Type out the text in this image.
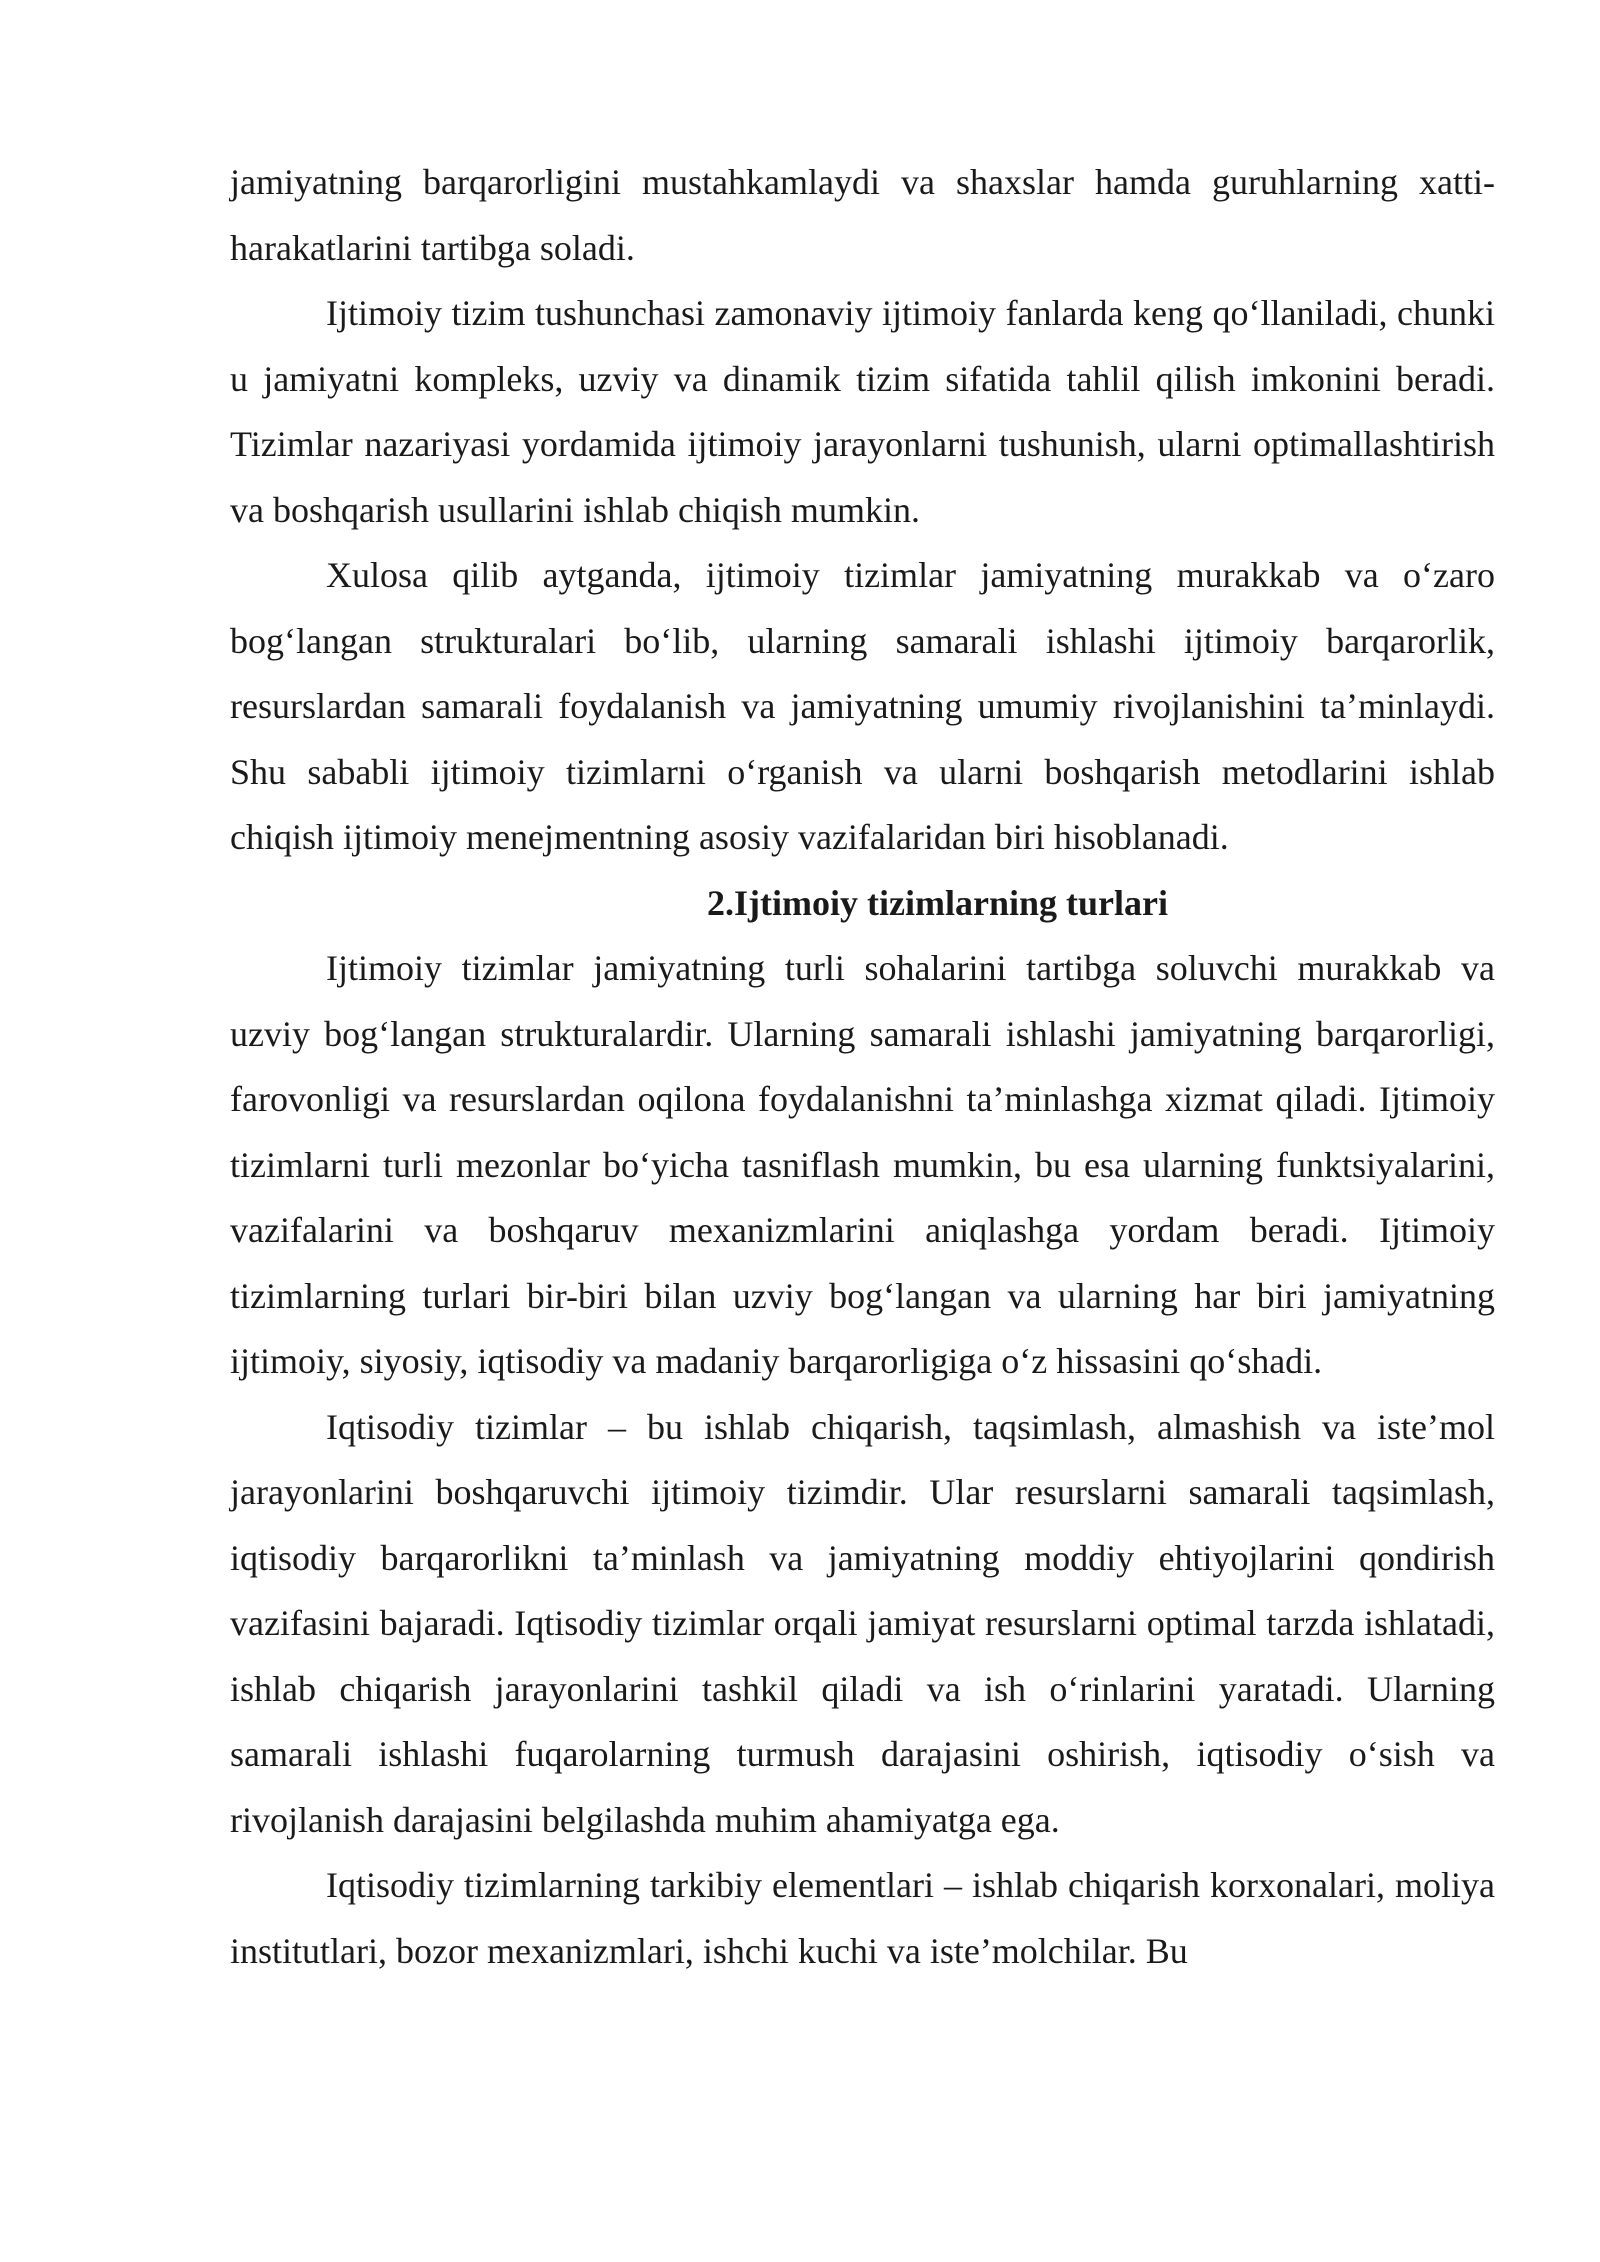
jamiyatning barqarorligini mustahkamlaydi va shaxslar hamda guruhlarning xatti-harakatlarini tartibga soladi.

Ijtimoiy tizim tushunchasi zamonaviy ijtimoiy fanlarda keng qo‘llaniladi, chunki u jamiyatni kompleks, uzviy va dinamik tizim sifatida tahlil qilish imkonini beradi. Tizimlar nazariyasi yordamida ijtimoiy jarayonlarni tushunish, ularni optimallashtirish va boshqarish usullarini ishlab chiqish mumkin.

Xulosa qilib aytganda, ijtimoiy tizimlar jamiyatning murakkab va o‘zaro bog‘langan strukturalari bo‘lib, ularning samarali ishlashi ijtimoiy barqarorlik, resurslardan samarali foydalanish va jamiyatning umumiy rivojlanishini ta’minlaydi. Shu sababli ijtimoiy tizimlarni o‘rganish va ularni boshqarish metodlarini ishlab chiqish ijtimoiy menejmentning asosiy vazifalaridan biri hisoblanadi.

2.Ijtimoiy tizimlarning turlari

Ijtimoiy tizimlar jamiyatning turli sohalarini tartibga soluvchi murakkab va uzviy bog‘langan strukturalardir. Ularning samarali ishlashi jamiyatning barqarorligi, farovonligi va resurslardan oqilona foydalanishni ta’minlashga xizmat qiladi. Ijtimoiy tizimlarni turli mezonlar bo‘yicha tasniflash mumkin, bu esa ularning funktsiyalarini, vazifalarini va boshqaruv mexanizmlarini aniqlashga yordam beradi. Ijtimoiy tizimlarning turlari bir-biri bilan uzviy bog‘langan va ularning har biri jamiyatning ijtimoiy, siyosiy, iqtisodiy va madaniy barqarorligiga o‘z hissasini qo‘shadi.

Iqtisodiy tizimlar – bu ishlab chiqarish, taqsimlash, almashish va iste’mol jarayonlarini boshqaruvchi ijtimoiy tizimdir. Ular resurslarni samarali taqsimlash, iqtisodiy barqarorlikni ta’minlash va jamiyatning moddiy ehtiyojlarini qondirish vazifasini bajaradi. Iqtisodiy tizimlar orqali jamiyat resurslarni optimal tarzda ishlatadi, ishlab chiqarish jarayonlarini tashkil qiladi va ish o‘rinlarini yaratadi. Ularning samarali ishlashi fuqarolarning turmush darajasini oshirish, iqtisodiy o‘sish va rivojlanish darajasini belgilashda muhim ahamiyatga ega.

Iqtisodiy tizimlarning tarkibiy elementlari – ishlab chiqarish korxonalari, moliya institutlari, bozor mexanizmlari, ishchi kuchi va iste’molchilar. Bu
